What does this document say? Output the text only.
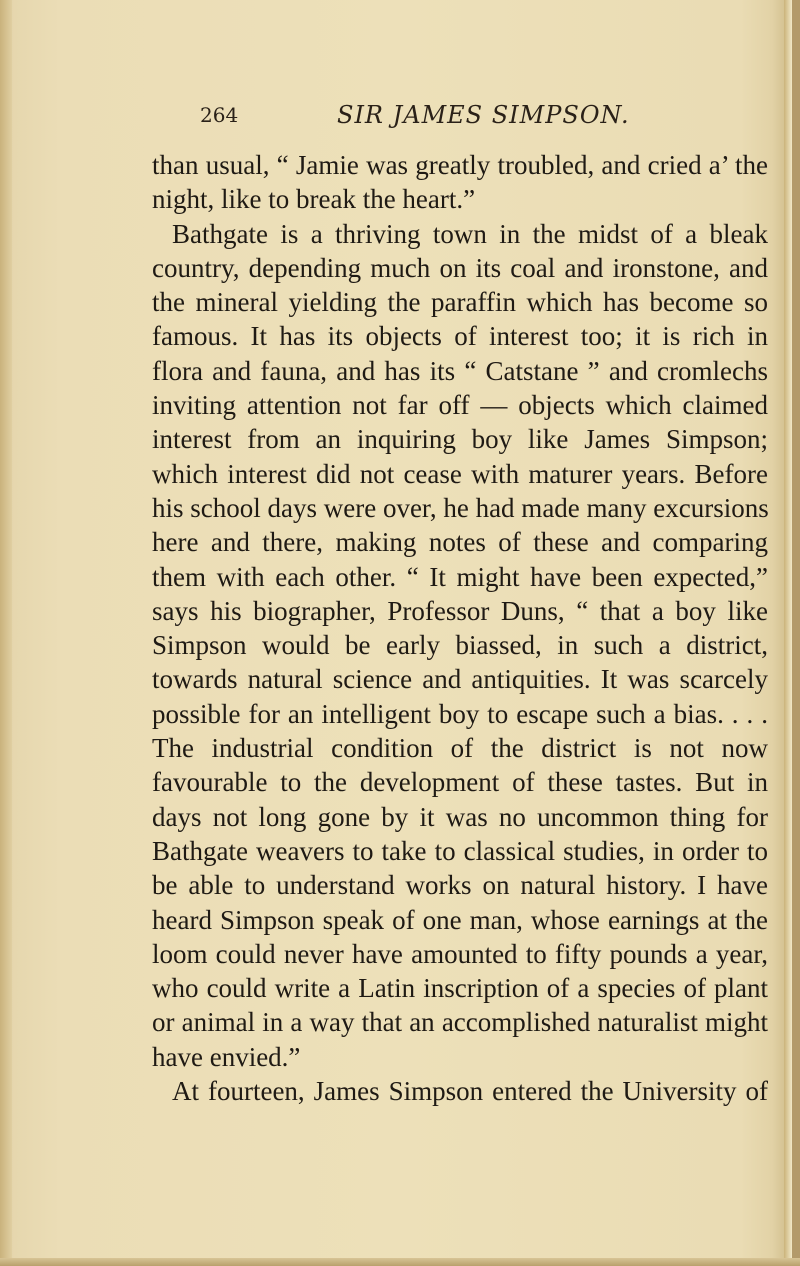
264	SIR JAMES SIMPSON.
than usual, “ Jamie was greatly troubled, and cried a’ the
night, like to break the heart.”
Bathgate is a thriving town in the midst of a bleak
country, depending much on its coal and ironstone, and
the mineral yielding the paraffin which has become so
famous. It has its objects of interest too; it is rich in
flora and fauna, and has its “ Catstane ” and cromlechs
inviting attention not far off — objects which claimed
interest from an inquiring boy like James Simpson;
which interest did not cease with maturer years. Before
his school days were over, he had made many excursions
here and there, making notes of these and comparing
them with each other. “ It might have been expected,”
says his biographer, Professor Duns, “ that a boy like
Simpson would be early biassed, in such a district,
towards natural science and antiquities. It was scarcely
possible for an intelligent boy to escape such a bias. . . .
The industrial condition of the district is not now
favourable to the development of these tastes. But in
days not long gone by it was no uncommon thing for
Bathgate weavers to take to classical studies, in order to
be able to understand works on natural history. I have
heard Simpson speak of one man, whose earnings at the
loom could never have amounted to fifty pounds a year,
who could write a Latin inscription of a species of plant
or animal in a way that an accomplished naturalist might
have envied.”
At fourteen, James Simpson entered the University of
